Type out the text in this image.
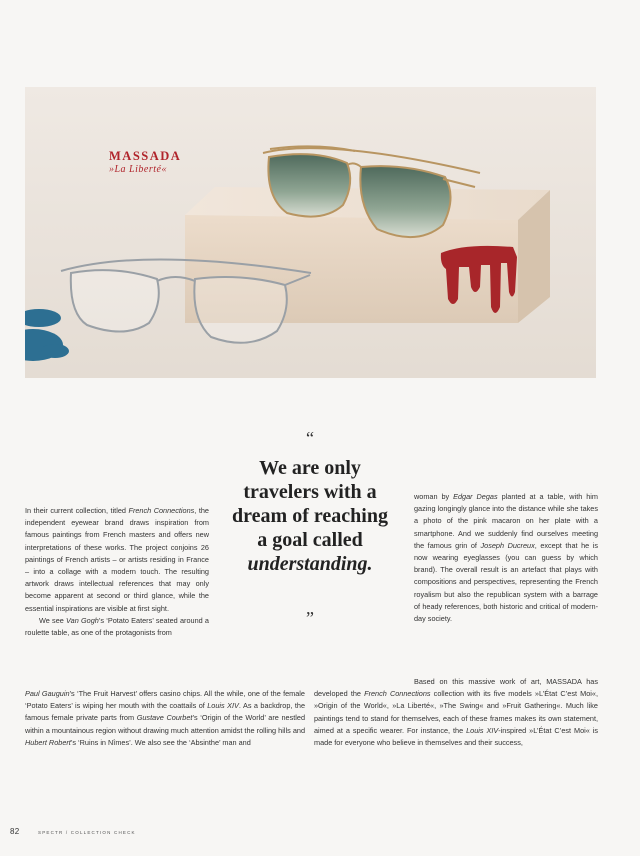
MASSADA

»La Liberté«

“
We are only travelers with a dream of reaching a goal called understanding.
”

In their current collection, titled French Connections, the independent eyewear brand draws inspiration from famous paintings from French masters and offers new interpretations of these works. The project conjoins 26 paintings of French artists – or artists residing in France – into a collage with a modern touch. The resulting artwork draws intellectual references that may only become apparent at second or third glance, while the essential inspirations are visible at first sight.

We see Van Gogh’s ‘Potato Eaters’ seated around a roulette table, as one of the protagonists from

Paul Gauguin’s ‘The Fruit Harvest’ offers casino chips. All the while, one of the female ‘Potato Eaters’ is wiping her mouth with the coattails of Louis XIV. As a backdrop, the famous female private parts from Gustave Courbet’s ‘Origin of the World’ are nestled within a mountainous region without drawing much attention amidst the rolling hills and Hubert Robert’s ‘Ruins in Nîmes’. We also see the ‘Absinthe’ man and

woman by Edgar Degas planted at a table, with him gazing longingly glance into the distance while she takes a photo of the pink macaron on her plate with a smartphone. And we suddenly find ourselves meeting the famous grin of Joseph Ducreux, except that he is now wearing eyeglasses (you can guess by which brand). The overall result is an artefact that plays with compositions and perspectives, representing the French royalism but also the republican system with a barrage of heady references, both historic and critical of modern-day society.

Based on this massive work of art, MASSADA has developed the French Connections collection with its five models »L’État C’est Moi«, »Origin of the World«, »La Liberté«, »The Swing« and »Fruit Gathering«. Much like paintings tend to stand for themselves, each of these frames makes its own statement, aimed at a specific wearer. For instance, the Louis XIV-inspired »L’État C’est Moi« is made for everyone who believe in themselves and their success,

82	SPECTR / COLLECTION CHECK
